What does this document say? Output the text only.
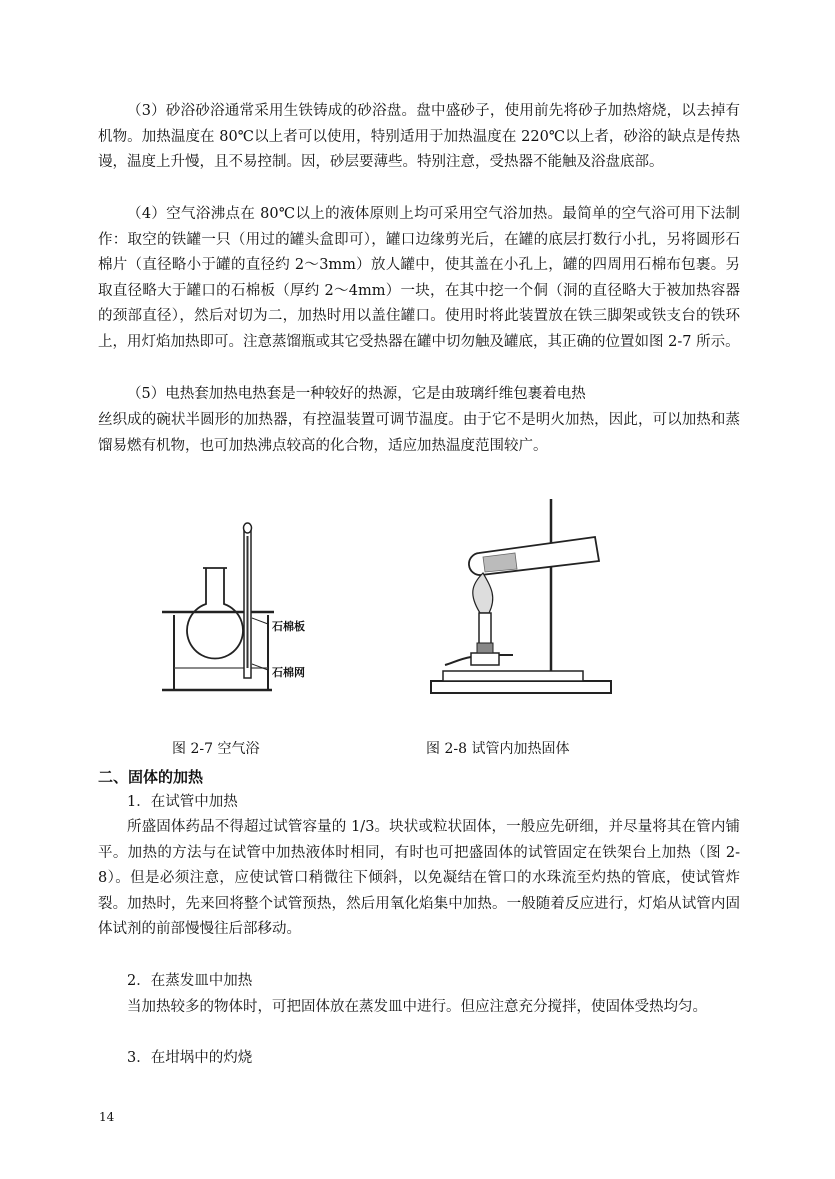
（3）砂浴砂浴通常采用生铁铸成的砂浴盘。盘中盛砂子，使用前先将砂子加热熔烧，以去掉有机物。加热温度在 80℃以上者可以使用，特别适用于加热温度在 220℃以上者，砂浴的缺点是传热谩，温度上升慢，且不易控制。因，砂层要薄些。特别注意，受热器不能触及浴盘底部。

（4）空气浴沸点在 80℃以上的液体原则上均可采用空气浴加热。最简单的空气浴可用下法制作：取空的铁罐一只（用过的罐头盒即可），罐口边缘剪光后，在罐的底层打数行小扎，另将圆形石棉片（直径略小于罐的直径约 2～3mm）放人罐中，使其盖在小孔上，罐的四周用石棉布包裹。另取直径略大于罐口的石棉板（厚约 2～4mm）一块，在其中挖一个侗（洞的直径略大于被加热容器的颈部直径），然后对切为二，加热时用以盖住罐口。使用时将此装置放在铁三脚架或铁支台的铁环上，用灯焰加热即可。注意蒸馏瓶或其它受热器在罐中切勿触及罐底，其正确的位置如图 2-7 所示。

（5）电热套加热电热套是一种较好的热源，它是由玻璃纤维包裹着电热

丝织成的碗状半圆形的加热器，有控温装置可调节温度。由于它不是明火加热，因此，可以加热和蒸馏易燃有机物，也可加热沸点较高的化合物，适应加热温度范围较广。

石棉板
石棉网
图 2-7 空气浴	图 2-8 试管内加热固体
二、固体的加热
1．在试管中加热

所盛固体药品不得超过试管容量的 1/3。块状或粒状固体，一般应先研细，并尽量将其在管内铺平。加热的方法与在试管中加热液体时相同，有时也可把盛固体的试管固定在铁架台上加热（图 2-8）。但是必须注意，应使试管口稍微往下倾斜，以免凝结在管口的水珠流至灼热的管底，使试管炸裂。加热时，先来回将整个试管预热，然后用氧化焰集中加热。一般随着反应进行，灯焰从试管内固体试剂的前部慢慢往后部移动。

2．在蒸发皿中加热

当加热较多的物体时，可把固体放在蒸发皿中进行。但应注意充分搅拌，使固体受热均匀。

3．在坩埚中的灼烧
14
